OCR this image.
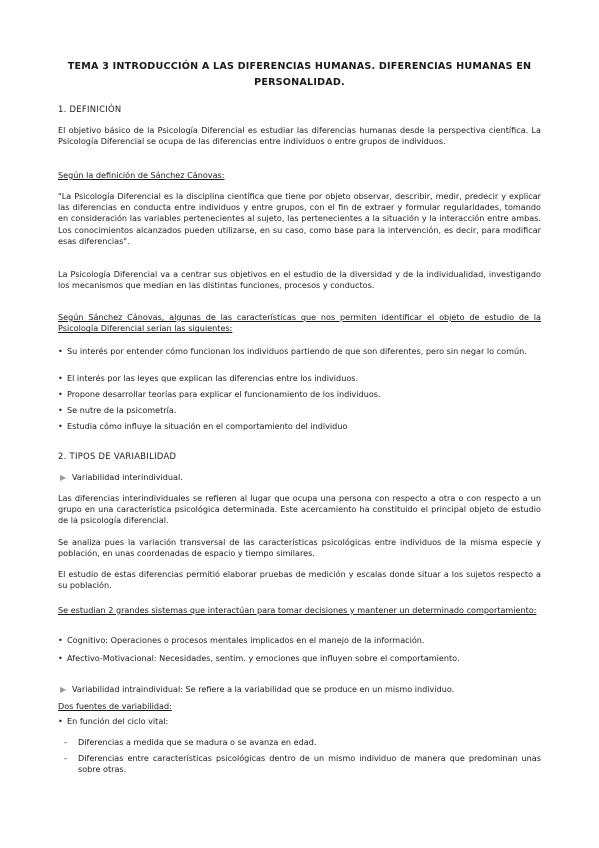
TEMA 3 INTRODUCCIÓN A LAS DIFERENCIAS HUMANAS. DIFERENCIAS HUMANAS EN PERSONALIDAD.
1. DEFINICIÓN

El objetivo básico de la Psicología Diferencial es estudiar las diferencias humanas desde la perspectiva científica. La Psicología Diferencial se ocupa de las diferencias entre individuos o entre grupos de individuos.

Según la definición de Sánchez Cánovas:

"La Psicología Diferencial es la disciplina científica que tiene por objeto observar, describir, medir, predecir y explicar las diferencias en conducta entre individuos y entre grupos, con el fin de extraer y formular regularidades, tomando en consideración las variables pertenecientes al sujeto, las pertenecientes a la situación y la interacción entre ambas. Los conocimientos alcanzados pueden utilizarse, en su caso, como base para la intervención, es decir, para modificar esas diferencias".

La Psicología Diferencial va a centrar sus objetivos en el estudio de la diversidad y de la individualidad, investigando los mecanismos que median en las distintas funciones, procesos y conductos.

Según Sánchez Cánovas, algunas de las características que nos permiten identificar el objeto de estudio de la Psicología Diferencial serían las siguientes:

• Su interés por entender cómo funcionan los individuos partiendo de que son diferentes, pero sin negar lo común.
• El interés por las leyes que explican las diferencias entre los individuos.
• Propone desarrollar teorías para explicar el funcionamiento de los individuos.
• Se nutre de la psicometría.
• Estudia cómo influye la situación en el comportamiento del individuo
2. TIPOS DE VARIABILIDAD
▶ Variabilidad interindividual.

Las diferencias interindividuales se refieren al lugar que ocupa una persona con respecto a otra o con respecto a un grupo en una característica psicológica determinada. Este acercamiento ha constituido el principal objeto de estudio de la psicología diferencial.

Se analiza pues la variación transversal de las características psicológicas entre individuos de la misma especie y población, en unas coordenadas de espacio y tiempo similares.

El estudio de estas diferencias permitió elaborar pruebas de medición y escalas donde situar a los sujetos respecto a su población.

Se estudian 2 grandes sistemas que interactúan para tomar decisiones y mantener un determinado comportamiento:

• Cognitivo: Operaciones o procesos mentales implicados en el manejo de la información.
• Afectivo-Motivacional: Necesidades, sentim. y emociones que influyen sobre el comportamiento.
▶ Variabilidad intraindividual: Se refiere a la variabilidad que se produce en un mismo individuo.

Dos fuentes de variabilidad:

• En función del ciclo vital:
- Diferencias a medida que se madura o se avanza en edad.
- Diferencias entre características psicológicas dentro de un mismo individuo de manera que predominan unas sobre otras.
